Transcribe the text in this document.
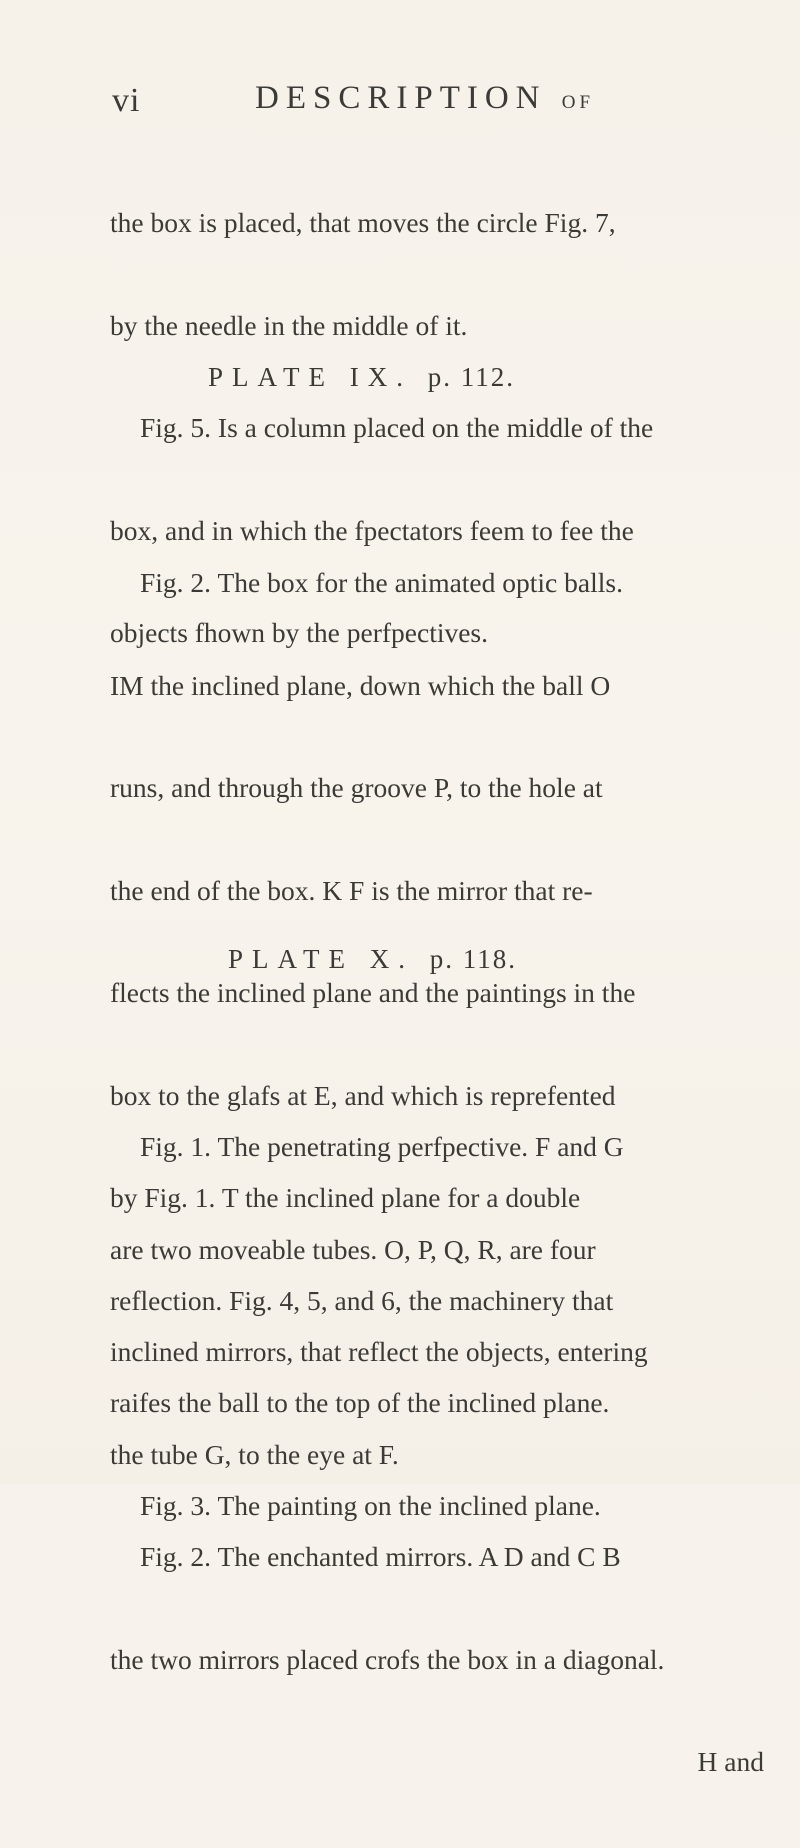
vi	DESCRIPTION OF

the box is placed, that moves the circle Fig. 7,

by the needle in the middle of it.

Fig. 5. Is a column placed on the middle of the

box, and in which the fpectators feem to fee the

objects fhown by the perfpectives.

PLATE IX. p. 112.

Fig. 2. The box for the animated optic balls.

IM the inclined plane, down which the ball O

runs, and through the groove P, to the hole at

the end of the box. K F is the mirror that re-

flects the inclined plane and the paintings in the

box to the glafs at E, and which is reprefented

by Fig. 1. T the inclined plane for a double

reflection. Fig. 4, 5, and 6, the machinery that

raifes the ball to the top of the inclined plane.

Fig. 3. The painting on the inclined plane.

PLATE X. p. 118.

Fig. 1. The penetrating perfpective. F and G

are two moveable tubes. O, P, Q, R, are four

inclined mirrors, that reflect the objects, entering

the tube G, to the eye at F.

Fig. 2. The enchanted mirrors. A D and C B

the two mirrors placed crofs the box in a diagonal.

H and
